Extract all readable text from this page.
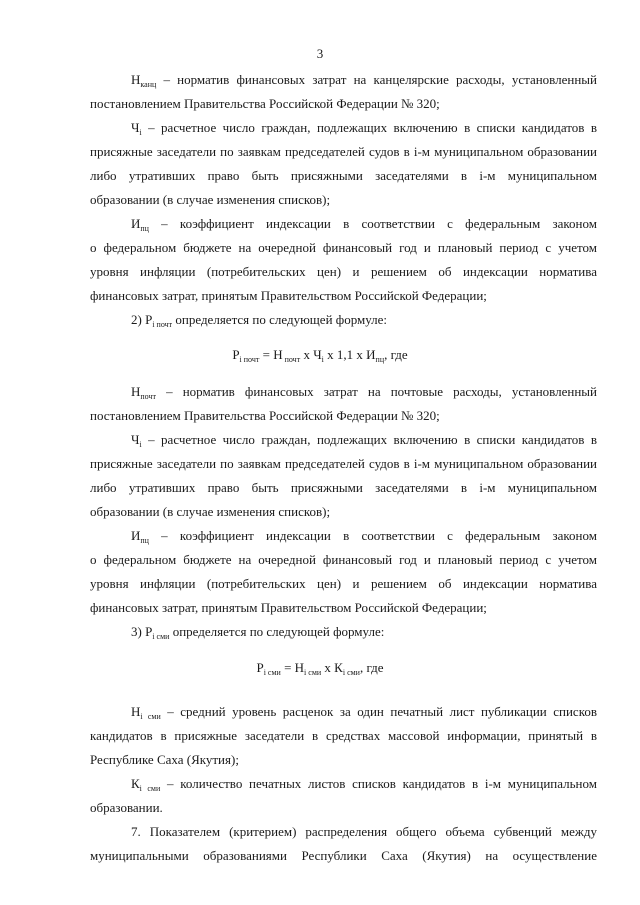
3
$Н_{канц}$ – норматив финансовых затрат на канцелярские расходы, установленный
постановлением Правительства Российской Федерации № 320;
$Ч_i$ – расчетное число граждан, подлежащих включению в списки кандидатов в
присяжные заседатели по заявкам председателей судов в i-м муниципальном образовании
либо утративших право быть присяжными заседателями в i-м муниципальном
образовании (в случае изменения списков);
$И_{пц}$ – коэффициент индексации в соответствии с федеральным законом
о федеральном бюджете на очередной финансовый год и плановый период с учетом
уровня инфляции (потребительских цен) и решением об индексации норматива
финансовых затрат, принятым Правительством Российской Федерации;
2) $Р_{i почт}$ определяется по следующей формуле:
$Р_{i почт} = Н$ $_{почт}$ х $Ч_i$ х 1,1 х $И_{пц}$, где
$Н_{почт}$ – норматив финансовых затрат на почтовые расходы, установленный
постановлением Правительства Российской Федерации № 320;
$Ч_i$ – расчетное число граждан, подлежащих включению в списки кандидатов в
присяжные заседатели по заявкам председателей судов в i-м муниципальном образовании
либо утративших право быть присяжными заседателями в i-м муниципальном
образовании (в случае изменения списков);
$И_{пц}$ – коэффициент индексации в соответствии с федеральным законом
о федеральном бюджете на очередной финансовый год и плановый период с учетом
уровня инфляции (потребительских цен) и решением об индексации норматива
финансовых затрат, принятым Правительством Российской Федерации;
3) $Р_{i сми}$ определяется по следующей формуле:
$Р_{i сми} = Н_{i сми}$ х $К_{i сми}$, где
$Н_{i сми}$ – средний уровень расценок за один печатный лист публикации списков
кандидатов в присяжные заседатели в средствах массовой информации, принятый в
Республике Саха (Якутия);
$К_{i сми}$ – количество печатных листов списков кандидатов в i-м муниципальном
образовании.
7. Показателем (критерием) распределения общего объема субвенций между
муниципальными образованиями Республики Саха (Якутия) на осуществление
